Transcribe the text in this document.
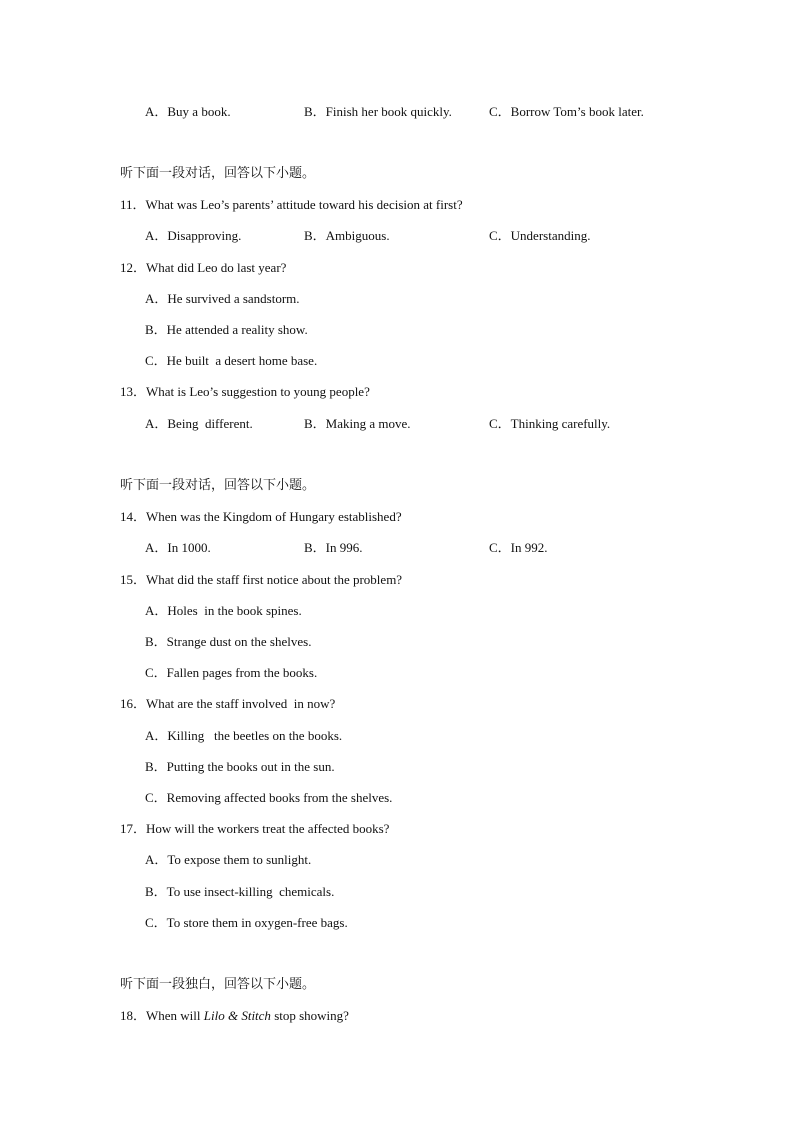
A．Buy a book.	B．Finish her book quickly.	C．Borrow Tom’s book later.
听下面一段对话，回答以下小题。
11．What was Leo’s parents’ attitude toward his decision at first?
A．Disapproving.	B．Ambiguous.	C．Understanding.
12．What did Leo do last year?
A．He survived a sandstorm.
B．He attended a reality show.
C．He built  a desert home base.
13．What is Leo’s suggestion to young people?
A．Being  different.	B．Making a move.	C．Thinking carefully.
听下面一段对话，回答以下小题。
14．When was the Kingdom of Hungary established?
A．In 1000.	B．In 996.	C．In 992.
15．What did the staff first notice about the problem?
A．Holes  in the book spines.
B．Strange dust on the shelves.
C．Fallen pages from the books.
16．What are the staff involved  in now?
A．Killing   the beetles on the books.
B．Putting the books out in the sun.
C．Removing affected books from the shelves.
17．How will the workers treat the affected books?
A．To expose them to sunlight.
B．To use insect-killing  chemicals.
C．To store them in oxygen-free bags.
听下面一段独白，回答以下小题。
18．When will Lilo & Stitch stop showing?
